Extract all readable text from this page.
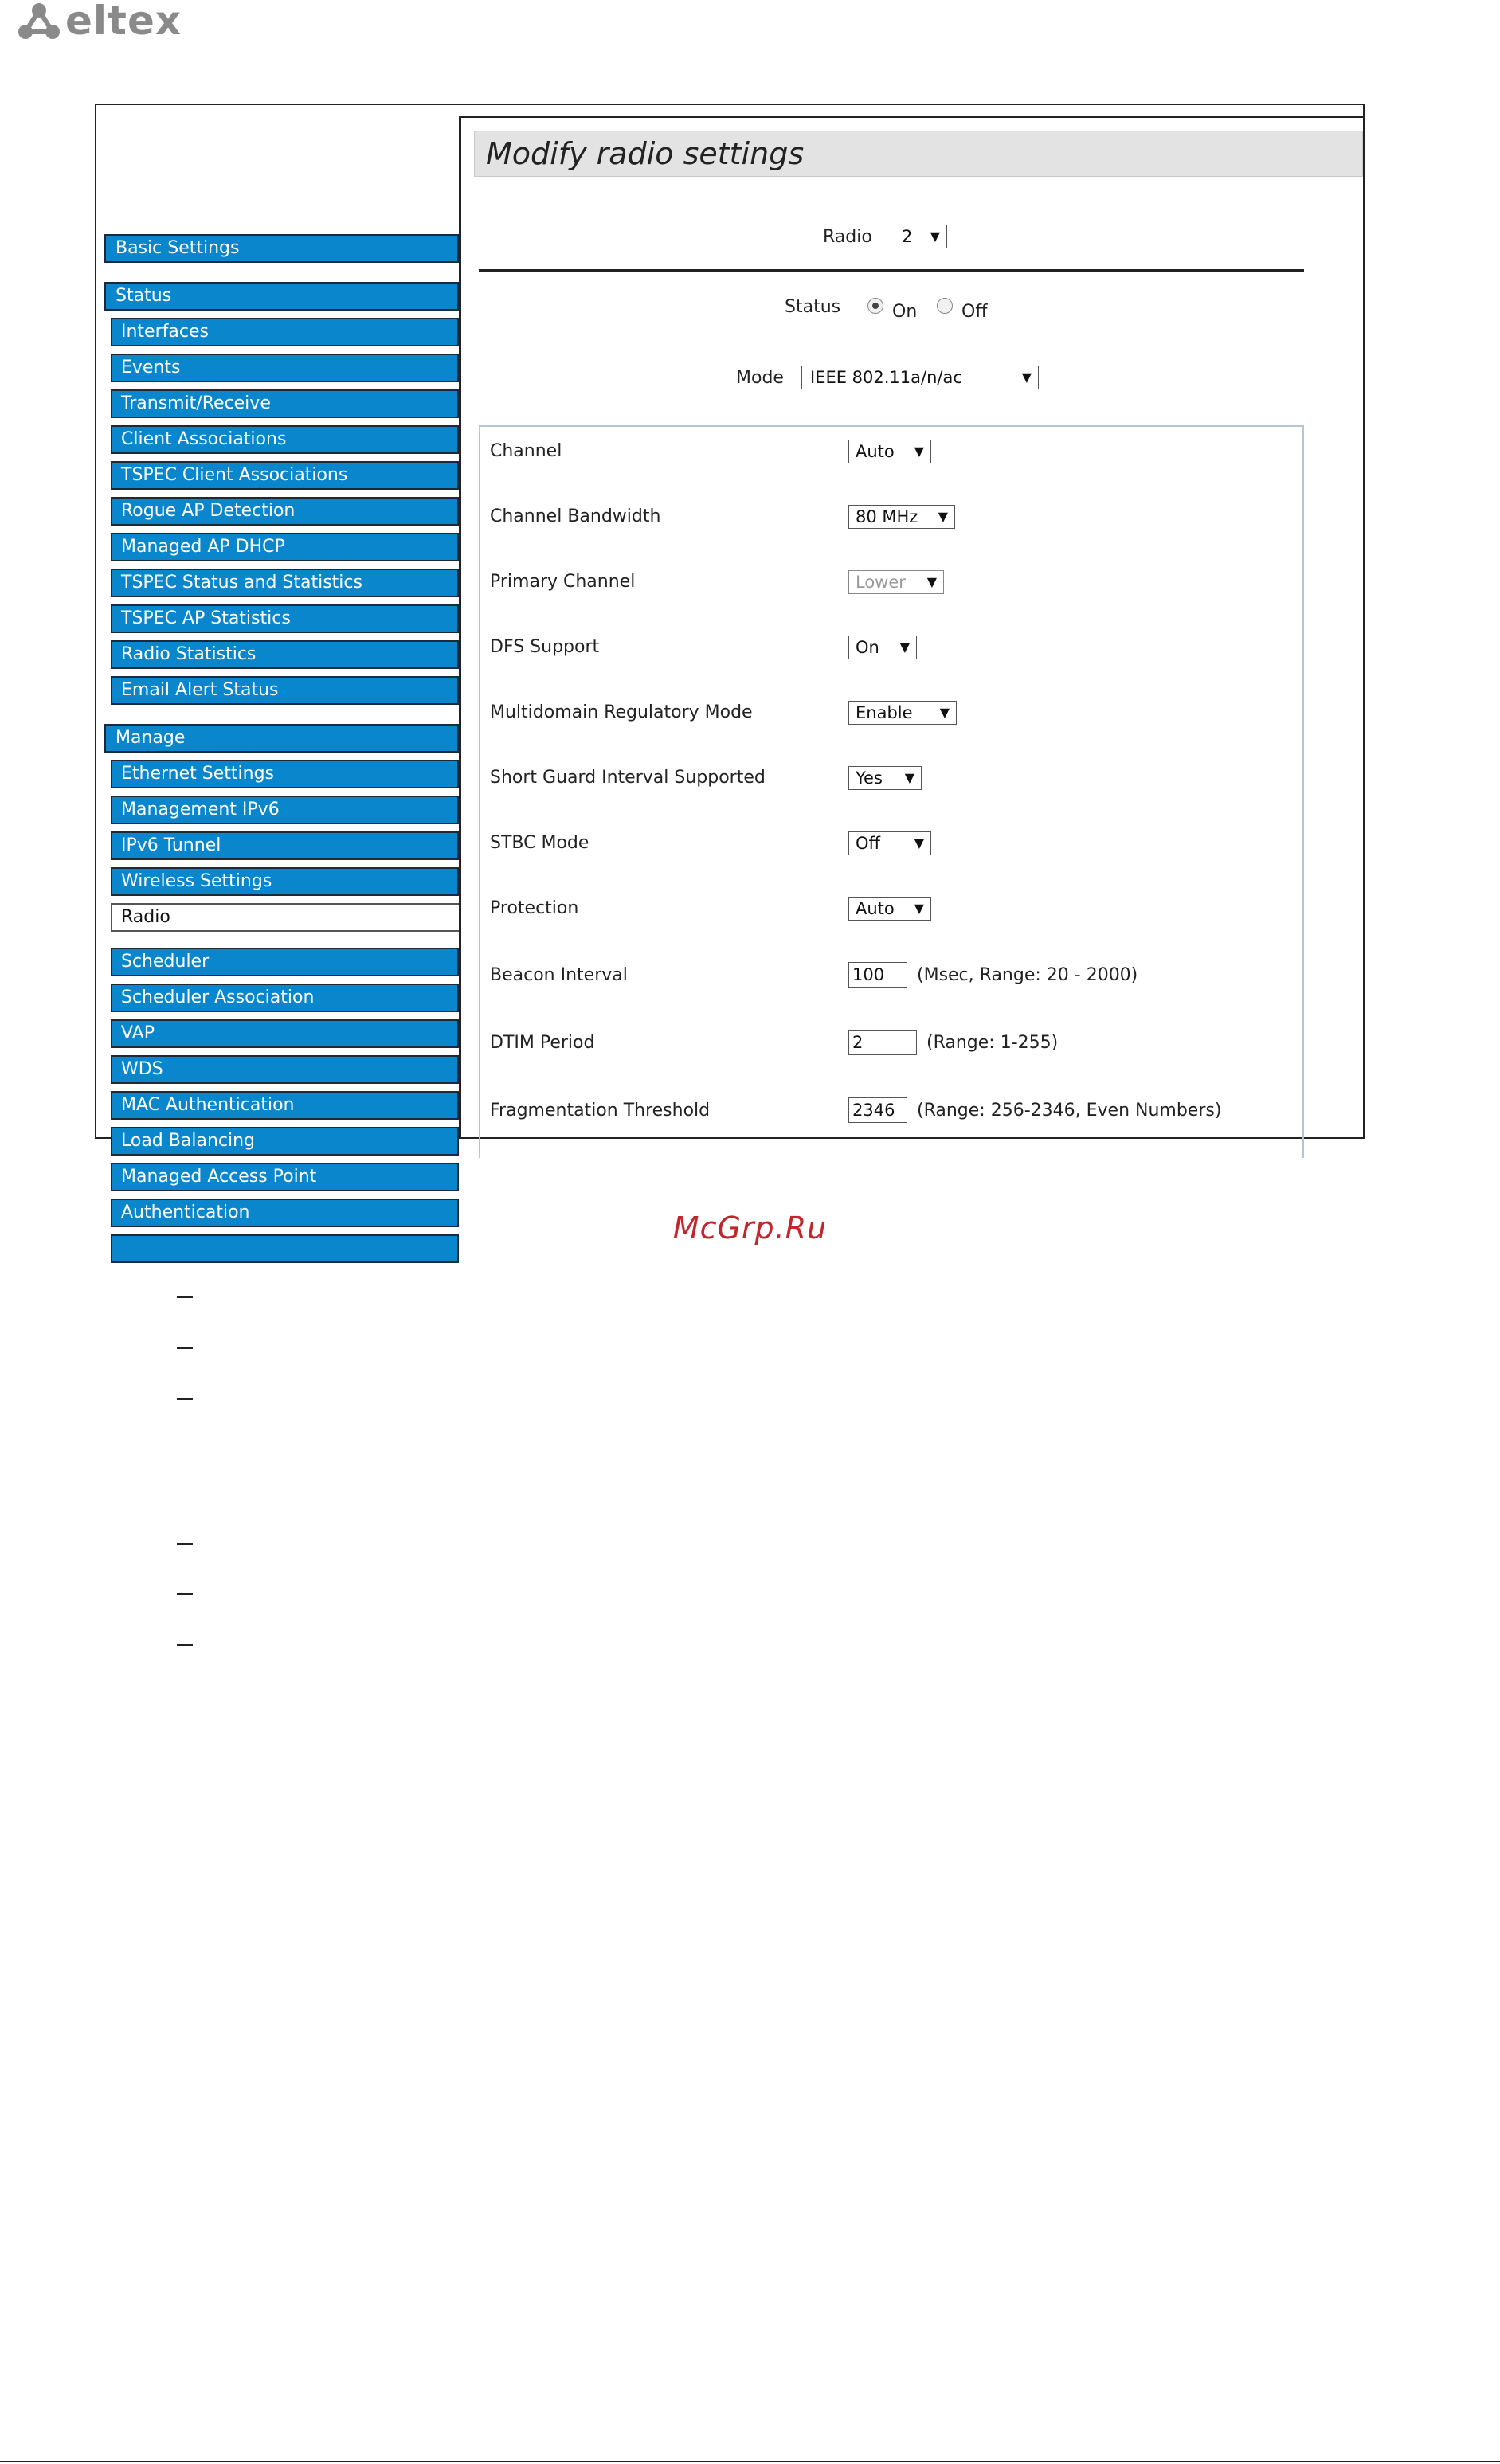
eltex
Basic Settings
Status
Interfaces
Events
Transmit/Receive
Client Associations
TSPEC Client Associations
Rogue AP Detection
Managed AP DHCP
TSPEC Status and Statistics
TSPEC AP Statistics
Radio Statistics
Email Alert Status
Manage
Ethernet Settings
Management IPv6
IPv6 Tunnel
Wireless Settings
Radio
Scheduler
Scheduler Association
VAP
WDS
MAC Authentication
Load Balancing
Managed Access Point
Authentication
Modify radio settings
Radio	2 ▼
Status	On	Off
Mode	IEEE 802.11a/n/ac	▼
Channel	Auto ▼
Channel Bandwidth	80 MHz ▼
Primary Channel	Lower ▼
DFS Support	On ▼
Multidomain Regulatory Mode	Enable ▼
Short Guard Interval Supported	Yes ▼
STBC Mode	Off	▼
Protection	Auto ▼
Beacon Interval	100	(Msec, Range: 20 - 2000)
DTIM Period	2	(Range: 1-255)
Fragmentation Threshold	2346	(Range: 256-2346, Even Numbers)
McGrp.Ru
